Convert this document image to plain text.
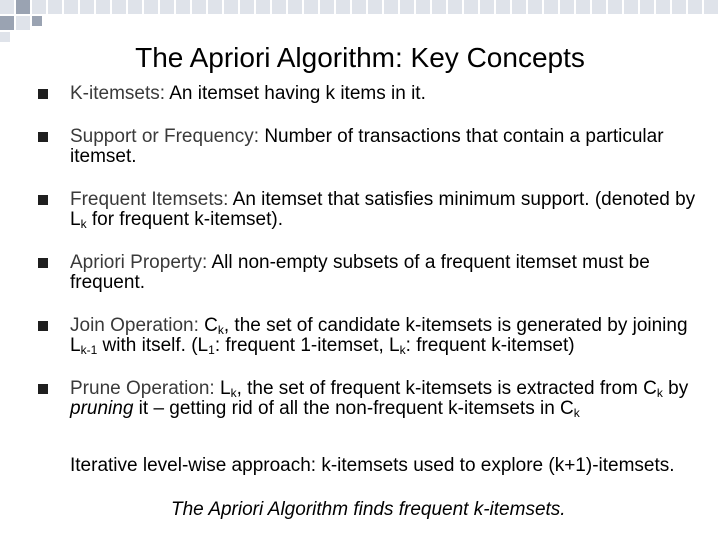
The Apriori Algorithm: Key Concepts
K-itemsets: An itemset having k items in it.
Support or Frequency: Number of transactions that contain a particular itemset.
Frequent Itemsets: An itemset that satisfies minimum support. (denoted by $L_k$ for frequent k-itemset).
Apriori Property: All non-empty subsets of a frequent itemset must be frequent.
Join Operation: $C_k$, the set of candidate k-itemsets is generated by joining $L_{k-1}$ with itself. ($L_1$: frequent 1-itemset, $L_k$: frequent k-itemset)
Prune Operation: $L_k$, the set of frequent k-itemsets is extracted from $C_k$ by pruning it – getting rid of all the non-frequent k-itemsets in $C_k$
Iterative level-wise approach: k-itemsets used to explore (k+1)-itemsets.
The Apriori Algorithm finds frequent k-itemsets.
